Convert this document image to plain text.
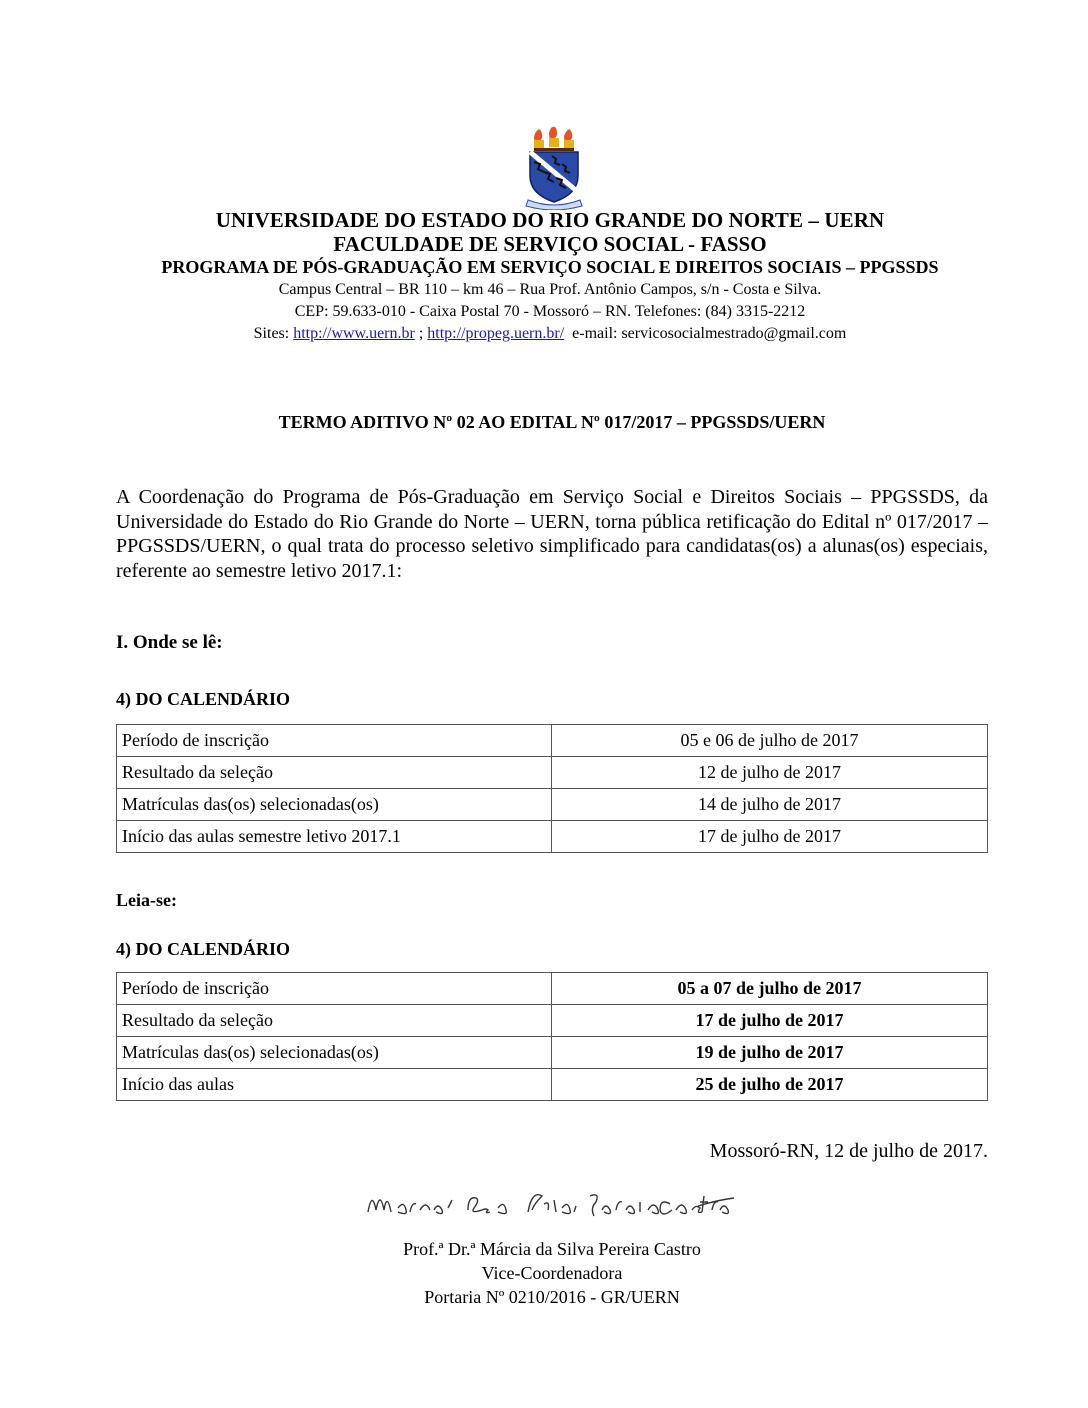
UNIVERSIDADE DO ESTADO DO RIO GRANDE DO NORTE – UERN
FACULDADE DE SERVIÇO SOCIAL - FASSO
PROGRAMA DE PÓS-GRADUAÇÃO EM SERVIÇO SOCIAL E DIREITOS SOCIAIS – PPGSSDS
Campus Central – BR 110 – km 46 – Rua Prof. Antônio Campos, s/n - Costa e Silva.
CEP: 59.633-010 - Caixa Postal 70 - Mossoró – RN. Telefones: (84) 3315-2212
Sites: http://www.uern.br ; http://propeg.uern.br/ e-mail: servicosocialmestrado@gmail.com
TERMO ADITIVO Nº 02 AO EDITAL Nº 017/2017 – PPGSSDS/UERN
A Coordenação do Programa de Pós-Graduação em Serviço Social e Direitos Sociais – PPGSSDS, da Universidade do Estado do Rio Grande do Norte – UERN, torna pública retificação do Edital nº 017/2017 – PPGSSDS/UERN, o qual trata do processo seletivo simplificado para candidatas(os) a alunas(os) especiais, referente ao semestre letivo 2017.1:
I. Onde se lê:
4) DO CALENDÁRIO
Período de inscrição	05 e 06 de julho de 2017
Resultado da seleção	12 de julho de 2017
Matrículas das(os) selecionadas(os)	14 de julho de 2017
Início das aulas semestre letivo 2017.1	17 de julho de 2017
Leia-se:
4) DO CALENDÁRIO
Período de inscrição	05 a 07 de julho de 2017
Resultado da seleção	17 de julho de 2017
Matrículas das(os) selecionadas(os)	19 de julho de 2017
Início das aulas	25 de julho de 2017
Mossoró-RN, 12 de julho de 2017.
Prof.ª Dr.ª Márcia da Silva Pereira Castro
Vice-Coordenadora
Portaria Nº 0210/2016 - GR/UERN
